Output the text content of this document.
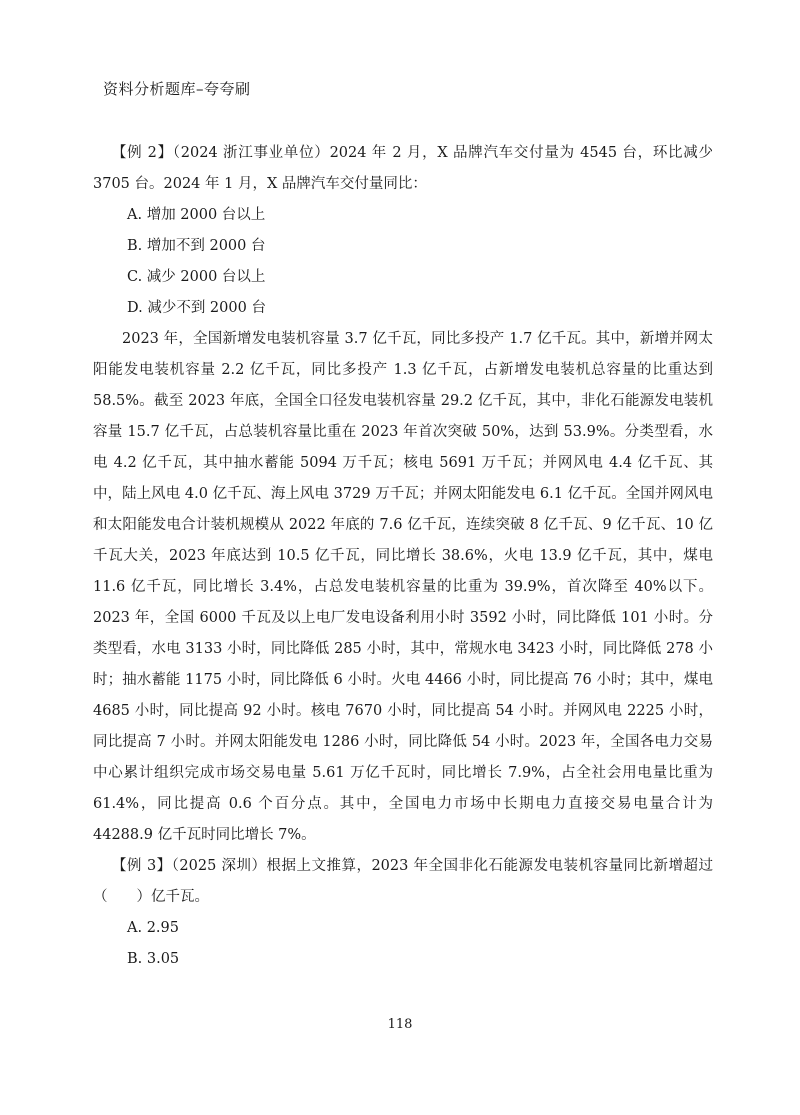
资料分析题库–夸夸刷

【例 2】（2024 浙江事业单位）2024 年 2 月，X 品牌汽车交付量为 4545 台，环比减少 3705 台。2024 年 1 月，X 品牌汽车交付量同比：

A. 增加 2000 台以上

B. 增加不到 2000 台

C. 减少 2000 台以上

D. 减少不到 2000 台

2023 年，全国新增发电装机容量 3.7 亿千瓦，同比多投产 1.7 亿千瓦。其中，新增并网太阳能发电装机容量 2.2 亿千瓦，同比多投产 1.3 亿千瓦，占新增发电装机总容量的比重达到 58.5%。截至 2023 年底，全国全口径发电装机容量 29.2 亿千瓦，其中，非化石能源发电装机容量 15.7 亿千瓦，占总装机容量比重在 2023 年首次突破 50%，达到 53.9%。分类型看，水电 4.2 亿千瓦，其中抽水蓄能 5094 万千瓦；核电 5691 万千瓦；并网风电 4.4 亿千瓦、其中，陆上风电 4.0 亿千瓦、海上风电 3729 万千瓦；并网太阳能发电 6.1 亿千瓦。全国并网风电和太阳能发电合计装机规模从 2022 年底的 7.6 亿千瓦，连续突破 8 亿千瓦、9 亿千瓦、10 亿千瓦大关，2023 年底达到 10.5 亿千瓦，同比增长 38.6%，火电 13.9 亿千瓦，其中，煤电 11.6 亿千瓦，同比增长 3.4%，占总发电装机容量的比重为 39.9%，首次降至 40%以下。2023 年，全国 6000 千瓦及以上电厂发电设备利用小时 3592 小时，同比降低 101 小时。分类型看，水电 3133 小时，同比降低 285 小时，其中，常规水电 3423 小时，同比降低 278 小时；抽水蓄能 1175 小时，同比降低 6 小时。火电 4466 小时，同比提高 76 小时；其中，煤电 4685 小时，同比提高 92 小时。核电 7670 小时，同比提高 54 小时。并网风电 2225 小时，同比提高 7 小时。并网太阳能发电 1286 小时，同比降低 54 小时。2023 年，全国各电力交易中心累计组织完成市场交易电量 5.61 万亿千瓦时，同比增长 7.9%，占全社会用电量比重为 61.4%，同比提高 0.6 个百分点。其中，全国电力市场中长期电力直接交易电量合计为 44288.9 亿千瓦时同比增长 7%。

【例 3】（2025 深圳）根据上文推算，2023 年全国非化石能源发电装机容量同比新增超过（　　）亿千瓦。

A. 2.95

B. 3.05

118
